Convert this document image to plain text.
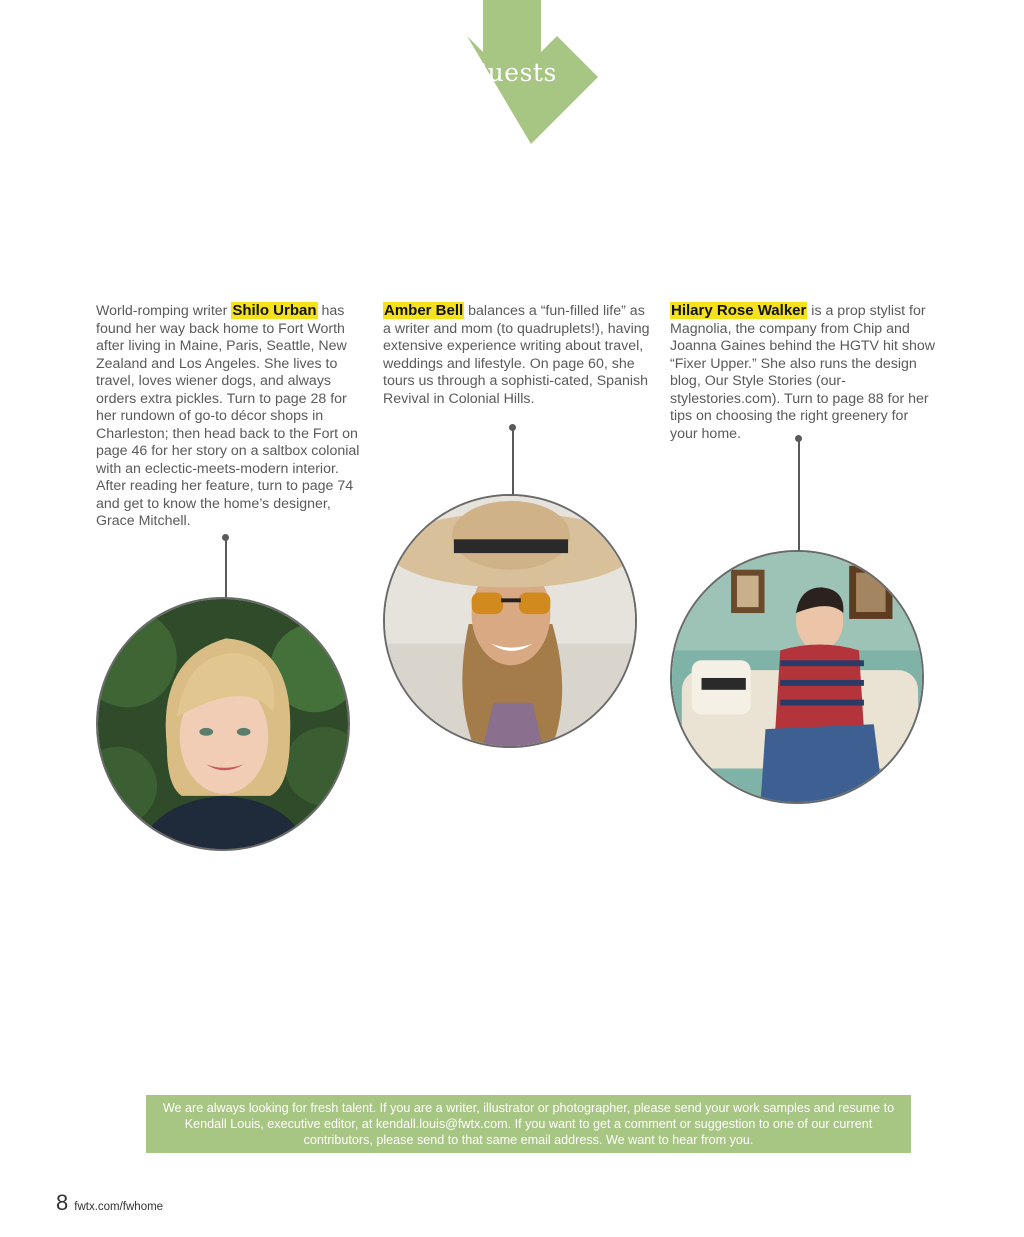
Guests
World-romping writer Shilo Urban has found her way back home to Fort Worth after living in Maine, Paris, Seattle, New Zealand and Los Angeles. She lives to travel, loves wiener dogs, and always orders extra pickles. Turn to page 28 for her rundown of go-to décor shops in Charleston; then head back to the Fort on page 46 for her story on a saltbox colonial with an eclectic-meets-modern interior. After reading her feature, turn to page 74 and get to know the home’s designer, Grace Mitchell.
Amber Bell balances a “fun-filled life” as a writer and mom (to quadruplets!), having extensive experience writing about travel, weddings and lifestyle. On page 60, she tours us through a sophisti-cated, Spanish Revival in Colonial Hills.
Hilary Rose Walker is a prop stylist for Magnolia, the company from Chip and Joanna Gaines behind the HGTV hit show “Fixer Upper.” She also runs the design blog, Our Style Stories (our-stylestories.com). Turn to page 88 for her tips on choosing the right greenery for your home.
We are always looking for fresh talent. If you are a writer, illustrator or photographer, please send your work samples and resume to Kendall Louis, executive editor, at kendall.louis@fwtx.com. If you want to get a comment or suggestion to one of our current contributors, please send to that same email address. We want to hear from you.
8 fwtx.com/fwhome
